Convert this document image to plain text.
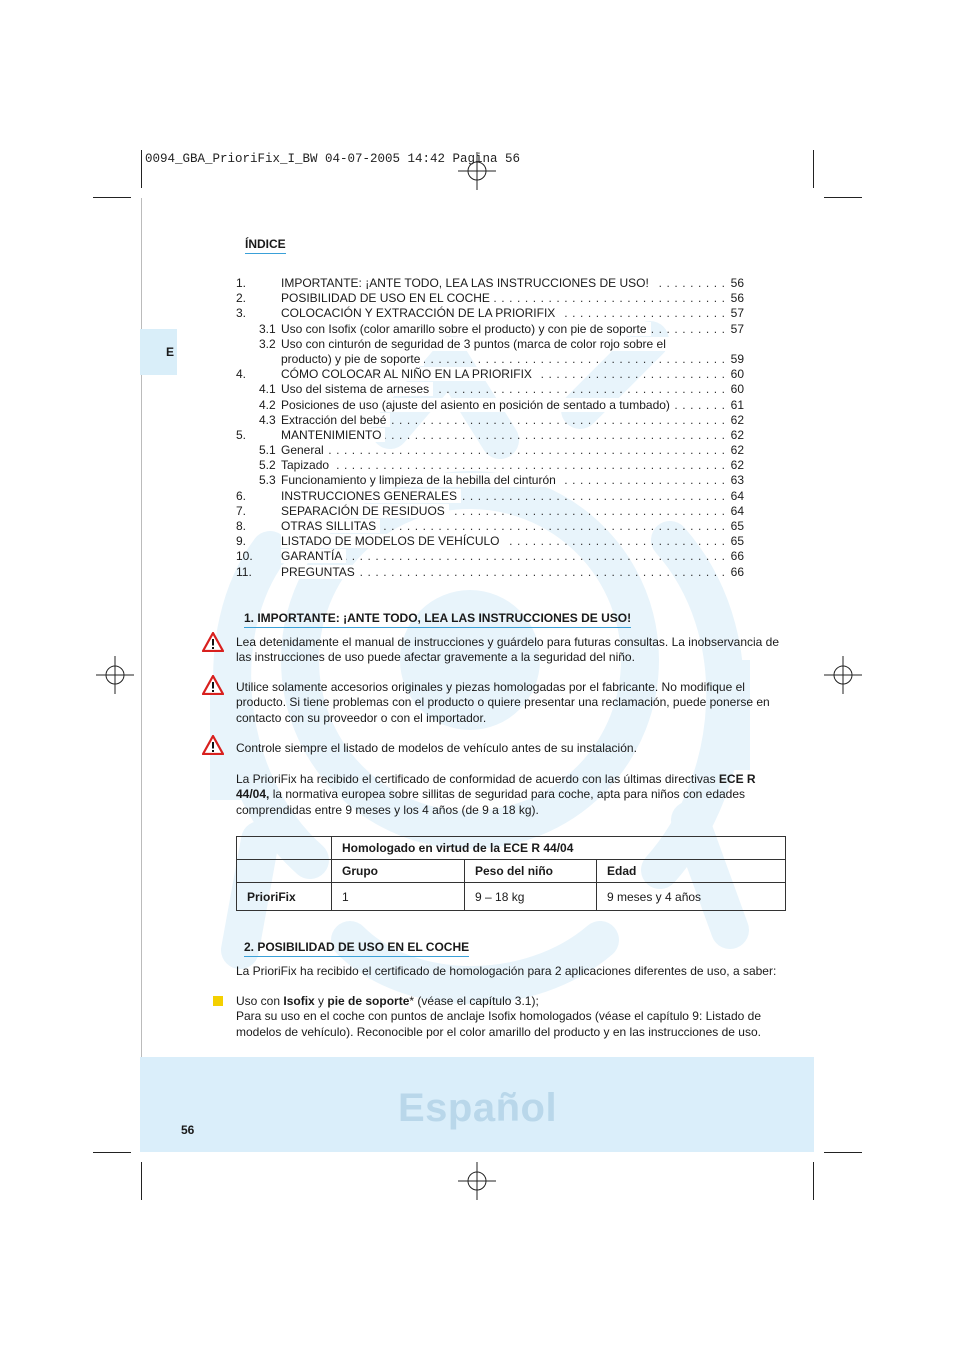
0094_GBA_PrioriFix_I_BW 04-07-2005 14:42 Pagina 56
E
ÍNDICE
1.	IMPORTANTE: ¡ANTE TODO, LEA LAS INSTRUCCIONES DE USO! . . .	56
2.	POSIBILIDAD DE USO EN EL COCHE . . .	56
3.	COLOCACIÓN Y EXTRACCIÓN DE LA PRIORIFIX . . .	57
3.1 Uso con Isofix (color amarillo sobre el producto) y con pie de soporte . . .	57
3.2 Uso con cinturón de seguridad de 3 puntos (marca de color rojo sobre el
producto) y pie de soporte . . .	59
4.	CÓMO COLOCAR AL NIÑO EN LA PRIORIFIX . . .	60
4.1 Uso del sistema de arneses . . .	60
4.2 Posiciones de uso (ajuste del asiento en posición de sentado a tumbado) . . .	61
4.3 Extracción del bebé . . .	62
5.	MANTENIMIENTO . . .	62
5.1 General . . .	62
5.2 Tapizado . . .	62
5.3 Funcionamiento y limpieza de la hebilla del cinturón . . .	63
6.	INSTRUCCIONES GENERALES . . .	64
7.	SEPARACIÓN DE RESIDUOS . . .	64
8.	OTRAS SILLITAS . . .	65
9.	LISTADO DE MODELOS DE VEHÍCULO . . .	65
10.	GARANTÍA . . .	66
11.	PREGUNTAS . . .	66
1. IMPORTANTE: ¡ANTE TODO, LEA LAS INSTRUCCIONES DE USO!
Lea detenidamente el manual de instrucciones y guárdelo para futuras consultas. La inobservancia de las instrucciones de uso puede afectar gravemente a la seguridad del niño.
Utilice solamente accesorios originales y piezas homologadas por el fabricante. No modifique el producto. Si tiene problemas con el producto o quiere presentar una reclamación, puede ponerse en contacto con su proveedor o con el importador.
Controle siempre el listado de modelos de vehículo antes de su instalación.
La PrioriFix ha recibido el certificado de conformidad de acuerdo con las últimas directivas ECE R 44/04, la normativa europea sobre sillitas de seguridad para coche, apta para niños con edades comprendidas entre 9 meses y los 4 años (de 9 a 18 kg).
	Homologado en virtud de la ECE R 44/04		
	Grupo	Peso del niño	Edad
PrioriFix	1	9 – 18 kg	9 meses y 4 años
2. POSIBILIDAD DE USO EN EL COCHE
La PrioriFix ha recibido el certificado de homologación para 2 aplicaciones diferentes de uso, a saber:
Uso con Isofix y pie de soporte* (véase el capítulo 3.1);
Para su uso en el coche con puntos de anclaje Isofix homologados (véase el capítulo 9: Listado de modelos de vehículo). Reconocible por el color amarillo del producto y en las instrucciones de uso.
Español
56
